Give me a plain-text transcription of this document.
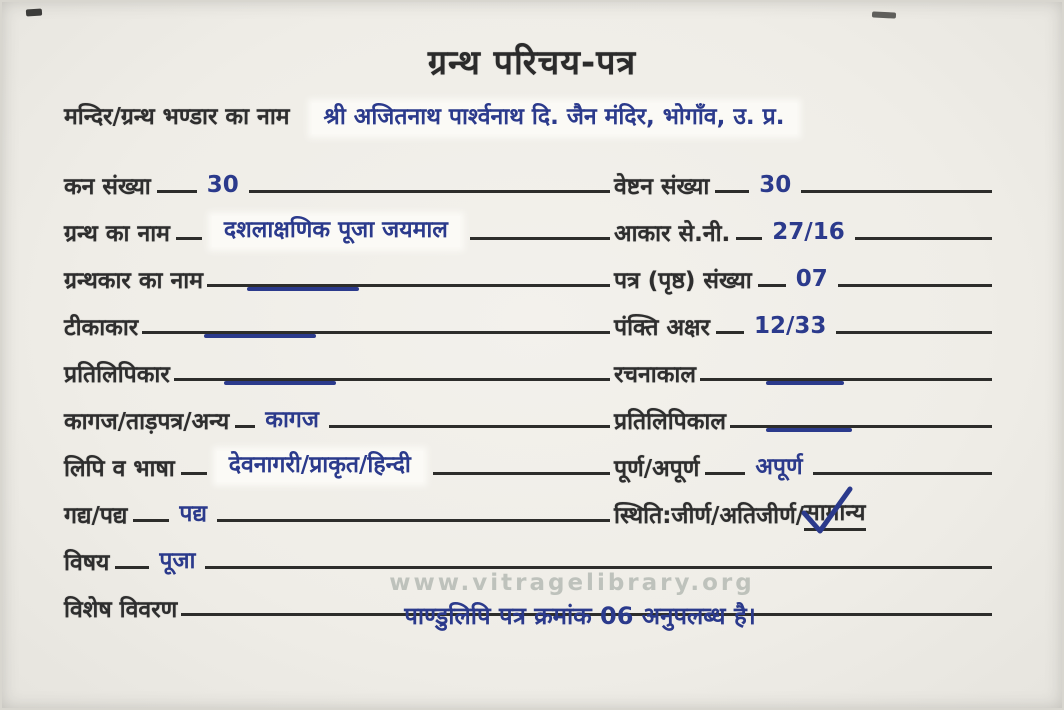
ग्रन्थ परिचय-पत्र
मन्दिर/ग्रन्थ भण्डार का नाम	श्री अजितनाथ पार्श्वनाथ दि. जैन मंदिर, भोगाँव, उ. प्र.
कन संख्या 30	वेष्टन संख्या 30
ग्रन्थ का नाम	दशलाक्षणिक पूजा जयमाल	आकार से.नी. 27/16
ग्रन्थकार का नाम	पत्र (पृष्ठ) संख्या 07
टीकाकार	पंक्ति अक्षर 12/33
प्रतिलिपिकार	रचनाकाल
कागज/ताड़पत्र/अन्य कागज	प्रतिलिपिकाल
लिपि व भाषा	देवनागरी/प्राकृत/हिन्दी	पूर्ण/अपूर्ण अपूर्ण
गद्य/पद्य पद्य	स्थिति:जीर्ण/अतिजीर्ण/ सामान्य
विषय पूजा
विशेष विवरण
www.vitragelibrary.org
पाण्डुलिपि पत्र क्रमांक 06 अनुपलब्ध है।
